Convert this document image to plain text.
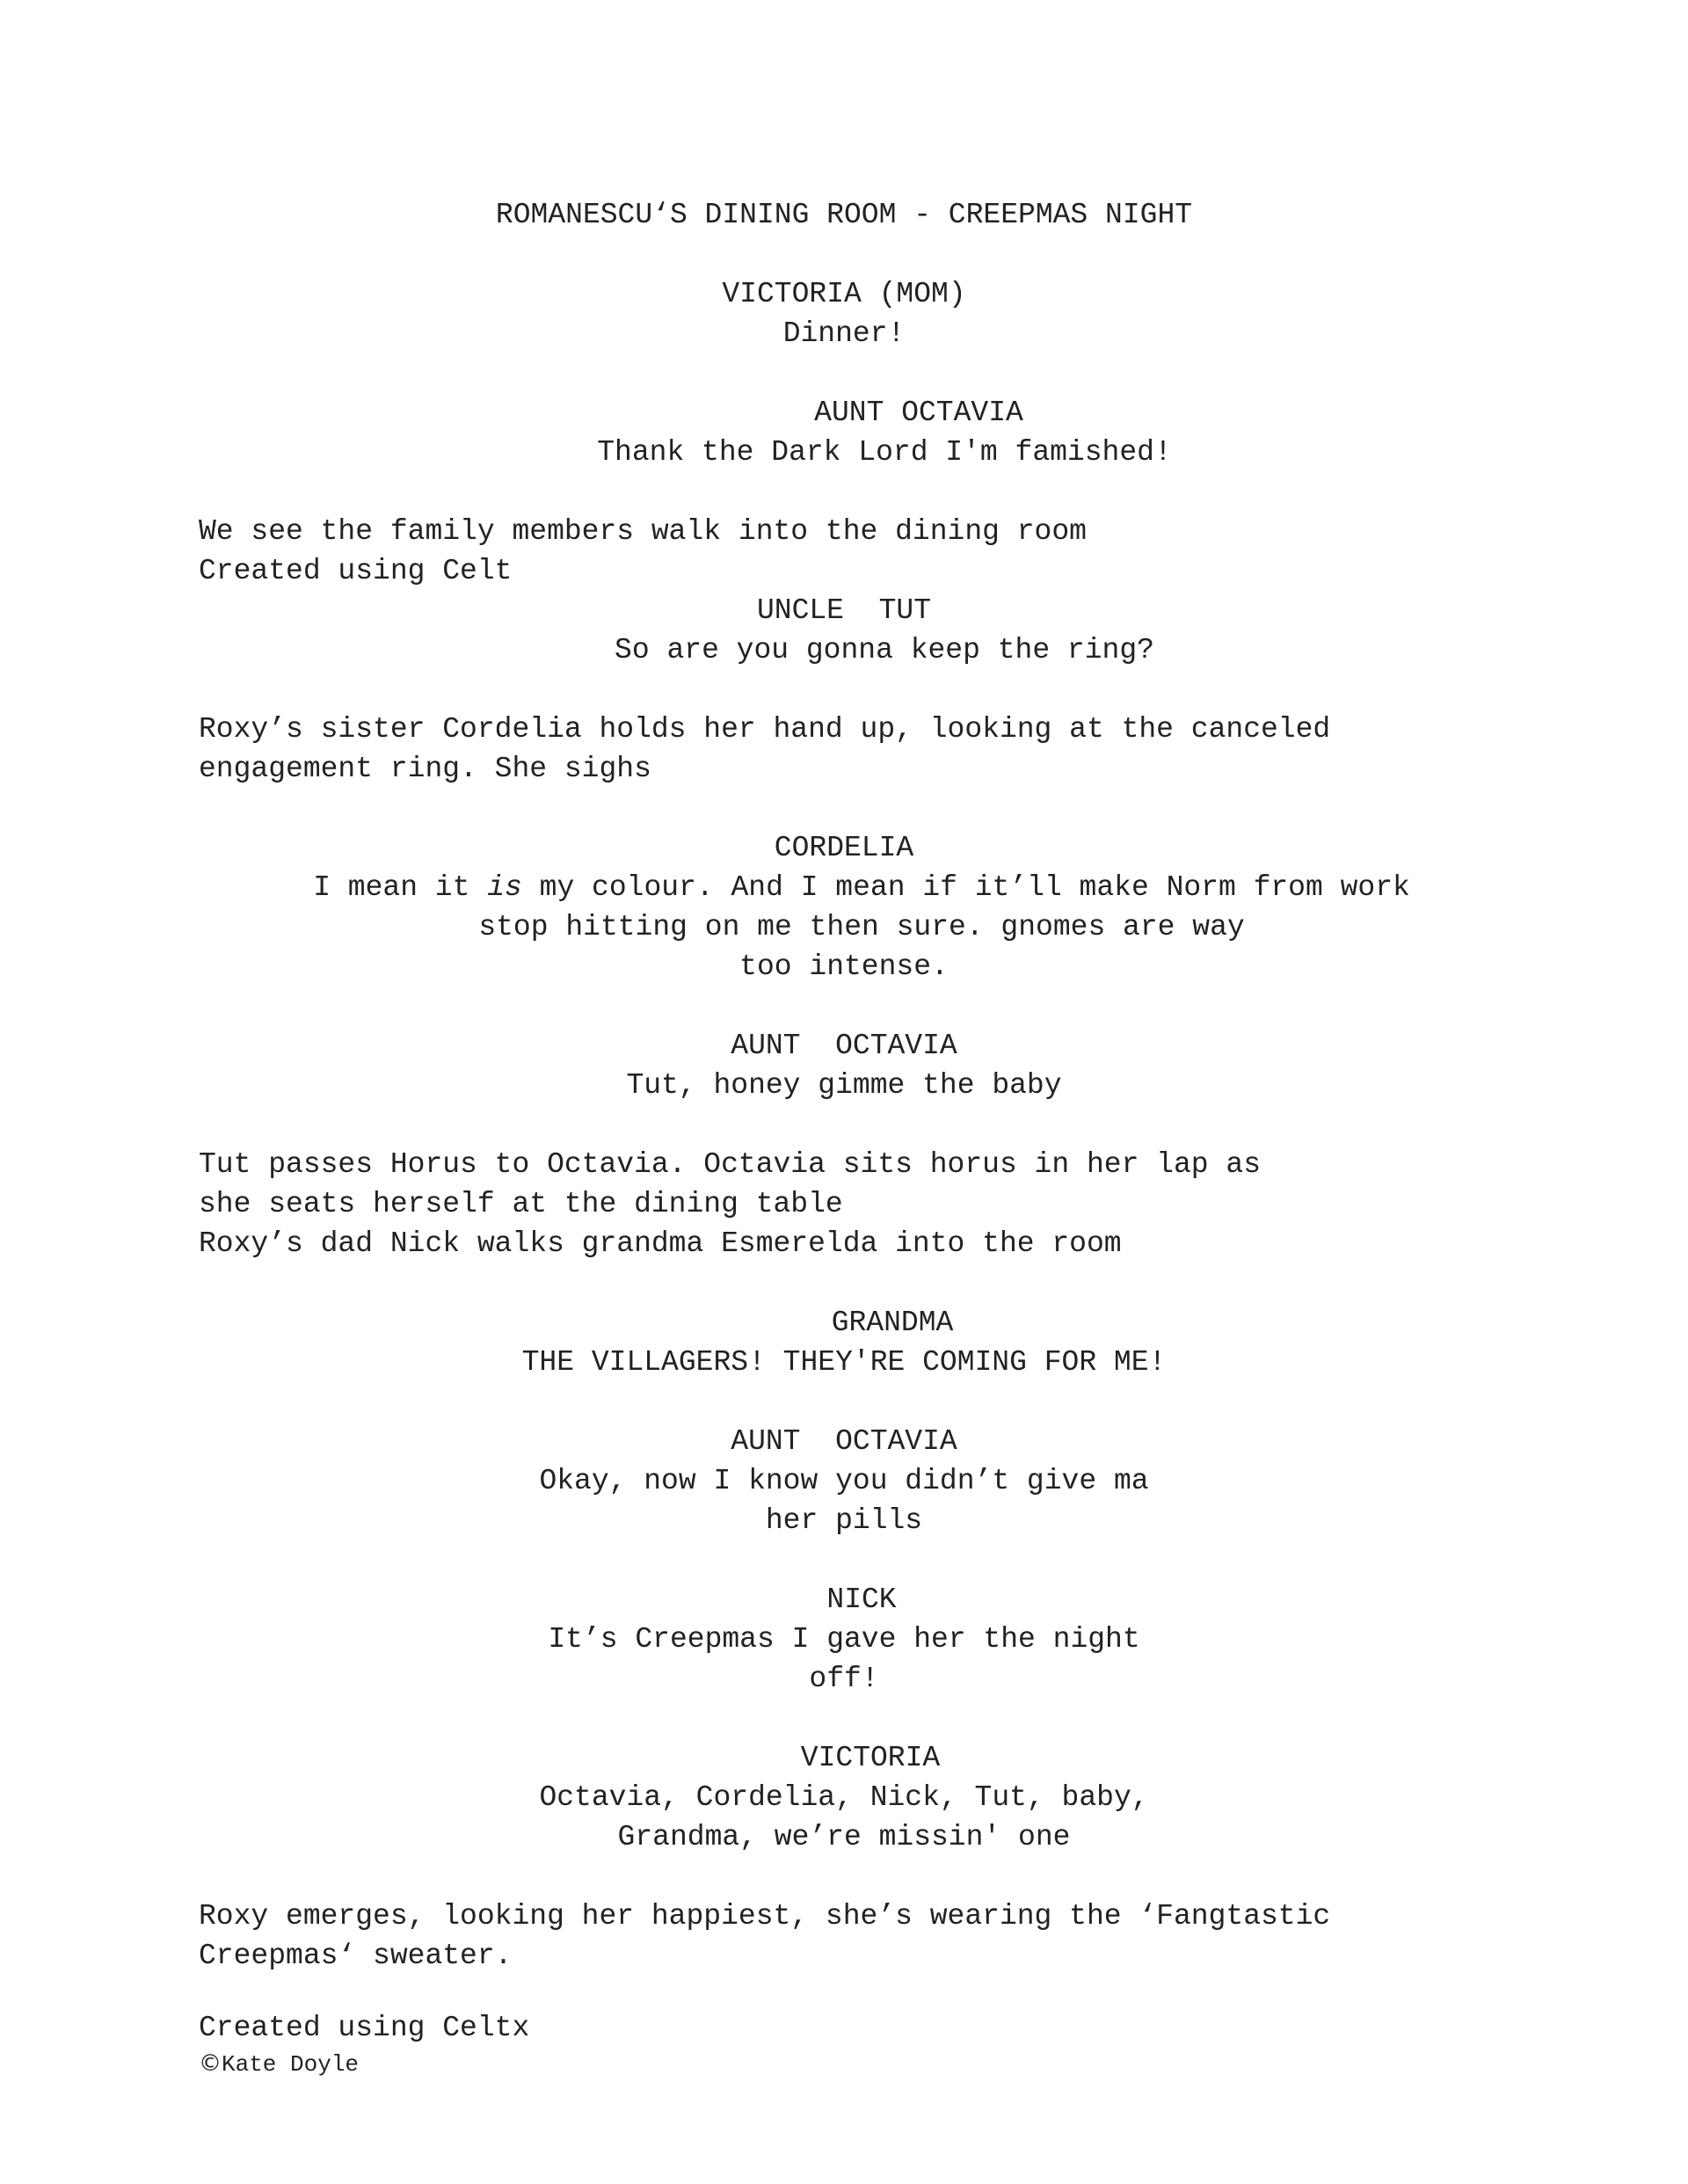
ROMANESCU‘S DINING ROOM - CREEPMAS NIGHT
VICTORIA (MOM)
Dinner!
AUNT OCTAVIA
Thank the Dark Lord I'm famished!
We see the family members walk into the dining room
Created using Celt
UNCLE  TUT
So are you gonna keep the ring?
Roxy’s sister Cordelia holds her hand up, looking at the canceled
engagement ring. She sighs
CORDELIA
I mean it is my colour. And I mean if it’ll make Norm from work
stop hitting on me then sure. gnomes are way
too intense.
AUNT  OCTAVIA
Tut, honey gimme the baby
Tut passes Horus to Octavia. Octavia sits horus in her lap as
she seats herself at the dining table
Roxy’s dad Nick walks grandma Esmerelda into the room
GRANDMA
THE VILLAGERS! THEY'RE COMING FOR ME!
AUNT  OCTAVIA
Okay, now I know you didn’t give ma
her pills
NICK
It’s Creepmas I gave her the night
off!
VICTORIA
Octavia, Cordelia, Nick, Tut, baby,
Grandma, we’re missin' one
Roxy emerges, looking her happiest, she’s wearing the ‘Fangtastic
Creepmas‘ sweater.
Created using Celtx
©Kate Doyle
